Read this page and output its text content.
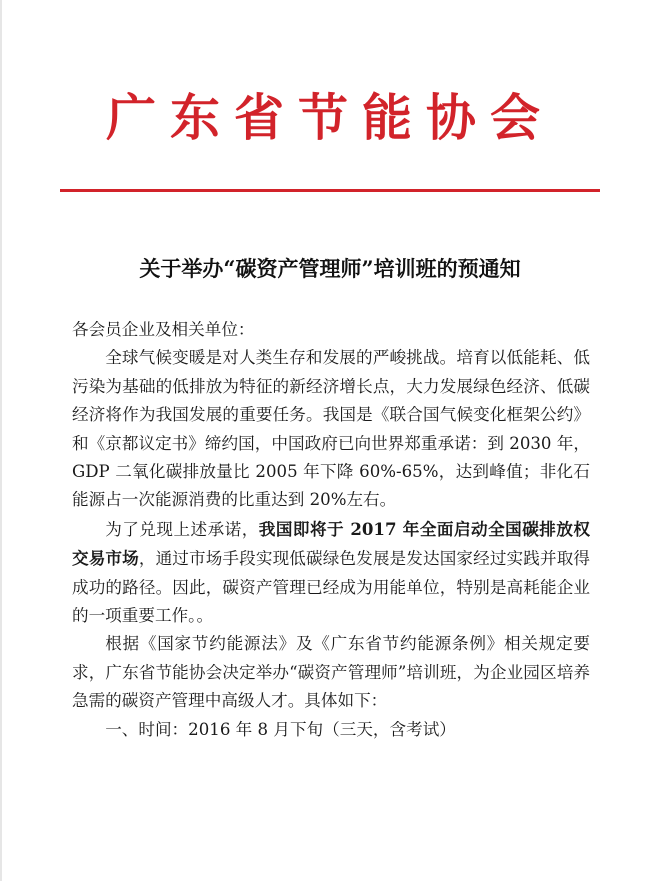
广东省节能协会
关于举办“碳资产管理师”培训班的预通知

各会员企业及相关单位：

全球气候变暖是对人类生存和发展的严峻挑战。培育以低能耗、低污染为基础的低排放为特征的新经济增长点，大力发展绿色经济、低碳经济将作为我国发展的重要任务。我国是《联合国气候变化框架公约》和《京都议定书》缔约国，中国政府已向世界郑重承诺：到 2030 年，GDP 二氧化碳排放量比 2005 年下降 60%-65%，达到峰值；非化石能源占一次能源消费的比重达到 20%左右。

为了兑现上述承诺，我国即将于 2017 年全面启动全国碳排放权交易市场，通过市场手段实现低碳绿色发展是发达国家经过实践并取得成功的路径。因此，碳资产管理已经成为用能单位，特别是高耗能企业的一项重要工作。。

根据《国家节约能源法》及《广东省节约能源条例》相关规定要求，广东省节能协会决定举办“碳资产管理师”培训班，为企业园区培养急需的碳资产管理中高级人才。具体如下：

一、时间：2016 年 8 月下旬（三天，含考试）
